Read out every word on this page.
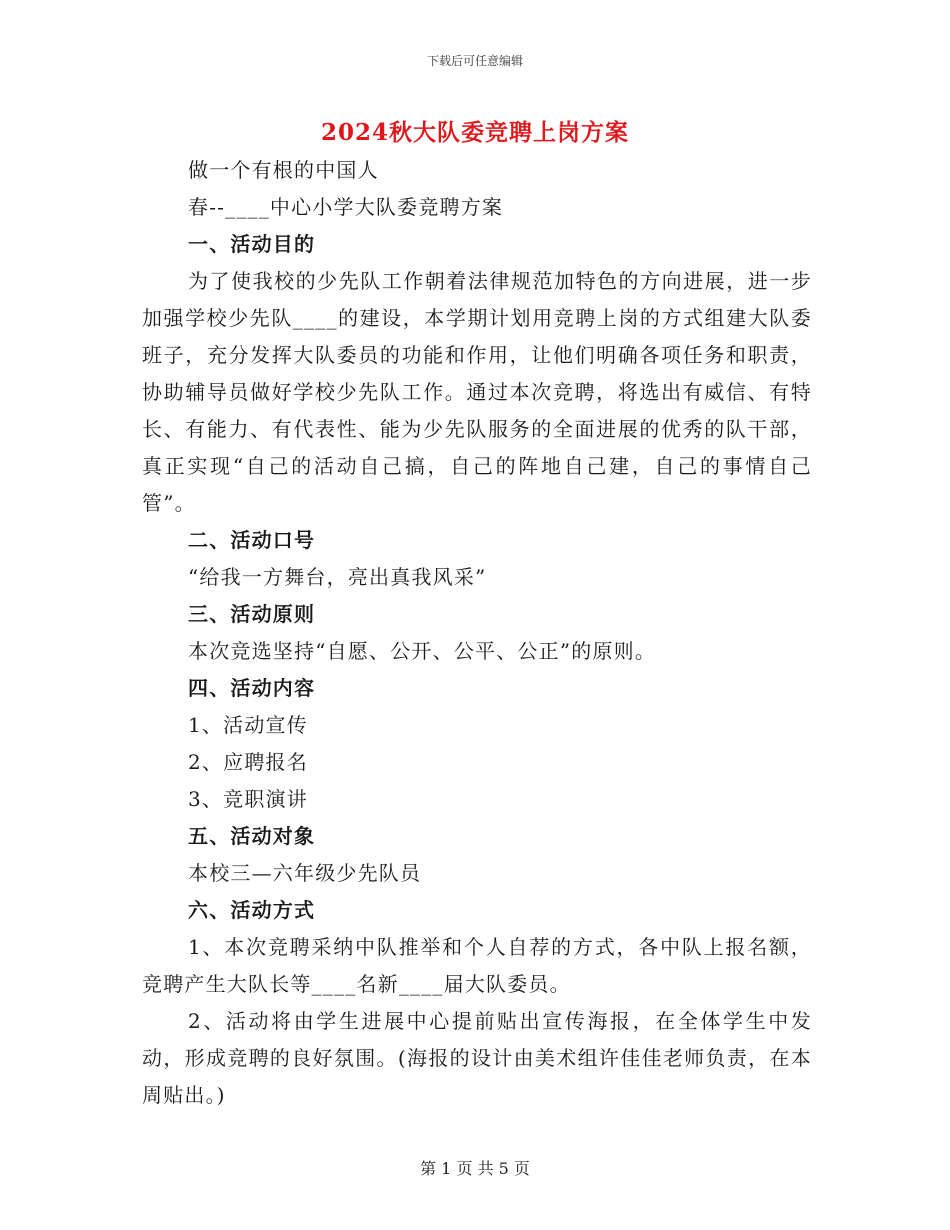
下载后可任意编辑
2024秋大队委竞聘上岗方案

做一个有根的中国人

春--____中心小学大队委竞聘方案

一、活动目的

为了使我校的少先队工作朝着法律规范加特色的方向进展，进一步加强学校少先队____的建设，本学期计划用竞聘上岗的方式组建大队委班子，充分发挥大队委员的功能和作用，让他们明确各项任务和职责，协助辅导员做好学校少先队工作。通过本次竞聘，将选出有威信、有特长、有能力、有代表性、能为少先队服务的全面进展的优秀的队干部，真正实现“自己的活动自己搞，自己的阵地自己建，自己的事情自己管”。

二、活动口号

“给我一方舞台，亮出真我风采”

三、活动原则

本次竞选坚持“自愿、公开、公平、公正”的原则。

四、活动内容

1、活动宣传

2、应聘报名

3、竞职演讲

五、活动对象

本校三—六年级少先队员

六、活动方式

1、本次竞聘采纳中队推举和个人自荐的方式，各中队上报名额，竞聘产生大队长等____名新____届大队委员。

2、活动将由学生进展中心提前贴出宣传海报，在全体学生中发动，形成竞聘的良好氛围。(海报的设计由美术组许佳佳老师负责，在本周贴出。)

第 1 页 共 5 页
